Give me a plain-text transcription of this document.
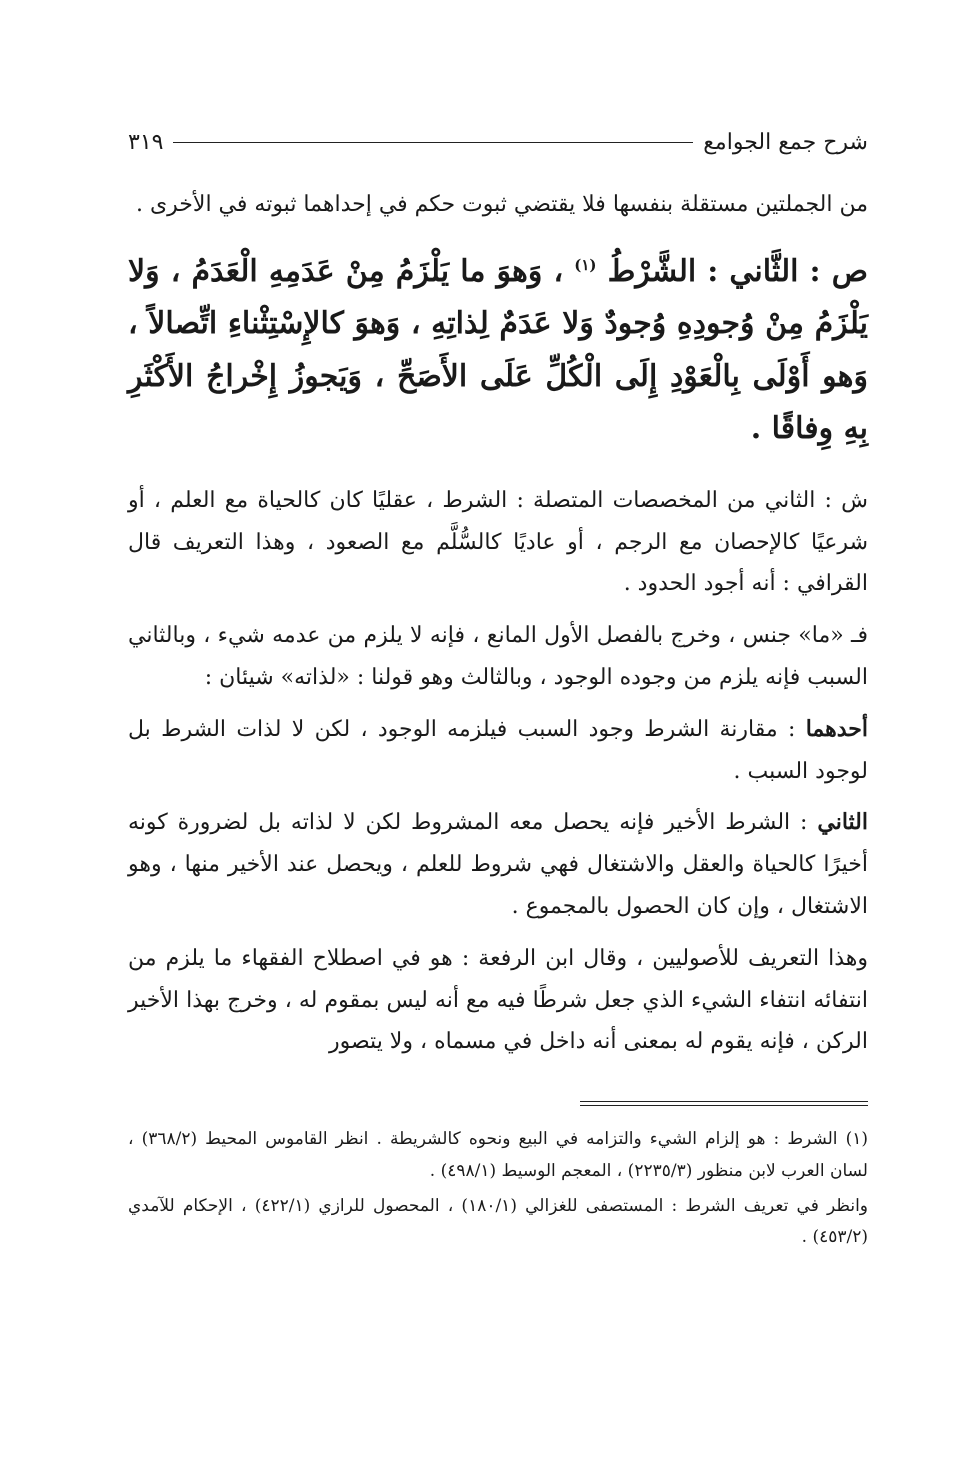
شرح جمع الجوامع
٣١٩

من الجملتين مستقلة بنفسها فلا يقتضي ثبوت حكم في إحداهما ثبوته في الأخرى .

ص : الثَّاني : الشَّرْطُ $^{(١)}$ ، وَهوَ ما يَلْزَمُ مِنْ عَدَمِهِ الْعَدَمُ ، وَلا يَلْزَمُ مِنْ وُجودِهِ وُجودٌ وَلا عَدَمٌ لِذاتِهِ ، وَهوَ كالإِسْتِثْناءِ اتِّصالاً ، وَهو أَوْلَى بِالْعَوْدِ إِلَى الْكُلِّ عَلَى الأَصَحِّ ، وَيَجوزُ إِخْراجُ الأَكْثَرِ بِهِ وِفاقًا .

ش : الثاني من المخصصات المتصلة : الشرط ، عقليًا كان كالحياة مع العلم ، أو شرعيًا كالإحصان مع الرجم ، أو عاديًا كالسُّلَّم مع الصعود ، وهذا التعريف قال القرافي : أنه أجود الحدود .

فـ «ما» جنس ، وخرج بالفصل الأول المانع ، فإنه لا يلزم من عدمه شيء ، وبالثاني السبب فإنه يلزم من وجوده الوجود ، وبالثالث وهو قولنا : «لذاته» شيئان :

أحدهما : مقارنة الشرط وجود السبب فيلزمه الوجود ، لكن لا لذات الشرط بل لوجود السبب .

الثاني : الشرط الأخير فإنه يحصل معه المشروط لكن لا لذاته بل لضرورة كونه أخيرًا كالحياة والعقل والاشتغال فهي شروط للعلم ، ويحصل عند الأخير منها ، وهو الاشتغال ، وإن كان الحصول بالمجموع .

وهذا التعريف للأصوليين ، وقال ابن الرفعة : هو في اصطلاح الفقهاء ما يلزم من انتفائه انتفاء الشيء الذي جعل شرطًا فيه مع أنه ليس بمقوم له ، وخرج بهذا الأخير الركن ، فإنه يقوم له بمعنى أنه داخل في مسماه ، ولا يتصور

(١) الشرط : هو إلزام الشيء والتزامه في البيع ونحوه كالشريطة . انظر القاموس المحيط (٣٦٨/٢) ، لسان العرب لابن منظور (٢٢٣٥/٣) ، المعجم الوسيط (٤٩٨/١) .

وانظر في تعريف الشرط : المستصفى للغزالي (١٨٠/١) ، المحصول للرازي (٤٢٢/١) ، الإحكام للآمدي (٤٥٣/٢) .
